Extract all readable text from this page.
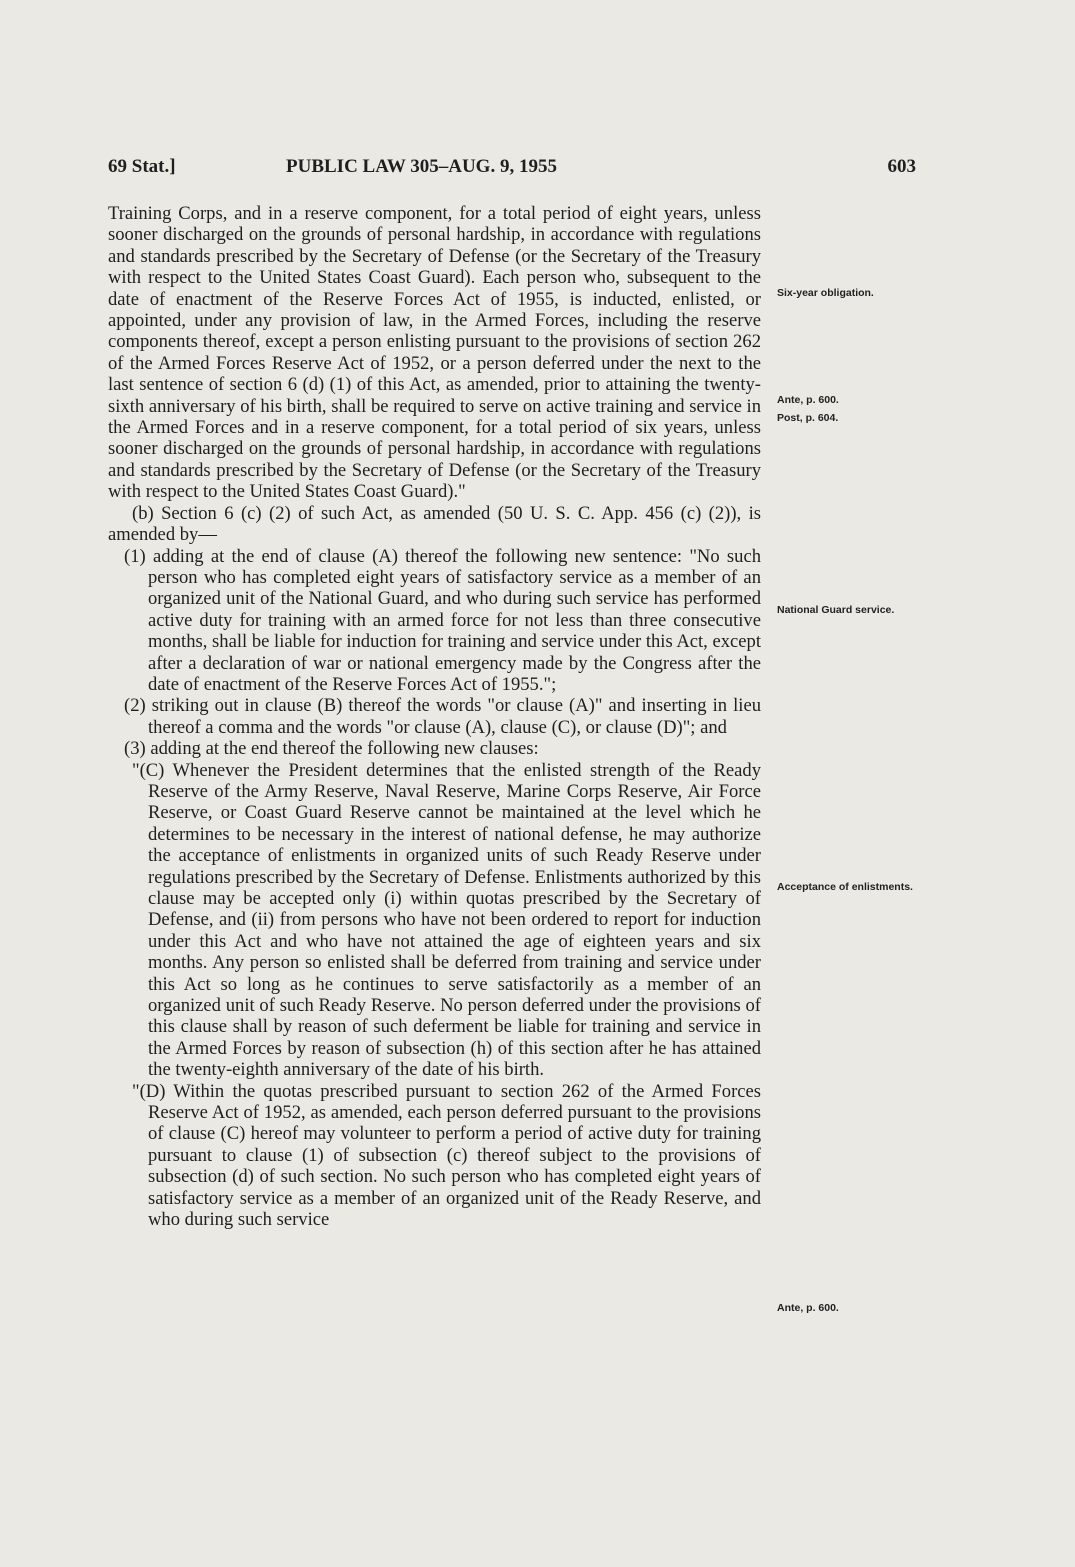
69 Stat.]	PUBLIC LAW 305–AUG. 9, 1955	603

Training Corps, and in a reserve component, for a total period of eight years, unless sooner discharged on the grounds of personal hardship, in accordance with regulations and standards prescribed by the Secretary of Defense (or the Secretary of the Treasury with respect to the United States Coast Guard). Each person who, subsequent to the date of enactment of the Reserve Forces Act of 1955, is inducted, enlisted, or appointed, under any provision of law, in the Armed Forces, including the reserve components thereof, except a person enlisting pursuant to the provisions of section 262 of the Armed Forces Reserve Act of 1952, or a person deferred under the next to the last sentence of section 6 (d) (1) of this Act, as amended, prior to attaining the twenty-sixth anniversary of his birth, shall be required to serve on active training and service in the Armed Forces and in a reserve component, for a total period of six years, unless sooner discharged on the grounds of personal hardship, in accordance with regulations and standards prescribed by the Secretary of Defense (or the Secretary of the Treasury with respect to the United States Coast Guard)."

(b) Section 6 (c) (2) of such Act, as amended (50 U. S. C. App. 456 (c) (2)), is amended by—

(1) adding at the end of clause (A) thereof the following new sentence: "No such person who has completed eight years of satisfactory service as a member of an organized unit of the National Guard, and who during such service has performed active duty for training with an armed force for not less than three consecutive months, shall be liable for induction for training and service under this Act, except after a declaration of war or national emergency made by the Congress after the date of enactment of the Reserve Forces Act of 1955.";

(2) striking out in clause (B) thereof the words "or clause (A)" and inserting in lieu thereof a comma and the words "or clause (A), clause (C), or clause (D)"; and

(3) adding at the end thereof the following new clauses:

"(C) Whenever the President determines that the enlisted strength of the Ready Reserve of the Army Reserve, Naval Reserve, Marine Corps Reserve, Air Force Reserve, or Coast Guard Reserve cannot be maintained at the level which he determines to be necessary in the interest of national defense, he may authorize the acceptance of enlistments in organized units of such Ready Reserve under regulations prescribed by the Secretary of Defense. Enlistments authorized by this clause may be accepted only (i) within quotas prescribed by the Secretary of Defense, and (ii) from persons who have not been ordered to report for induction under this Act and who have not attained the age of eighteen years and six months. Any person so enlisted shall be deferred from training and service under this Act so long as he continues to serve satisfactorily as a member of an organized unit of such Ready Reserve. No person deferred under the provisions of this clause shall by reason of such deferment be liable for training and service in the Armed Forces by reason of subsection (h) of this section after he has attained the twenty-eighth anniversary of the date of his birth.

"(D) Within the quotas prescribed pursuant to section 262 of the Armed Forces Reserve Act of 1952, as amended, each person deferred pursuant to the provisions of clause (C) hereof may volunteer to perform a period of active duty for training pursuant to clause (1) of subsection (c) thereof subject to the provisions of subsection (d) of such section. No such person who has completed eight years of satisfactory service as a member of an organized unit of the Ready Reserve, and who during such service

Six-year obligation.
Ante, p. 600.
Post, p. 604.
National Guard service.
Acceptance of enlistments.
Ante, p. 600.
